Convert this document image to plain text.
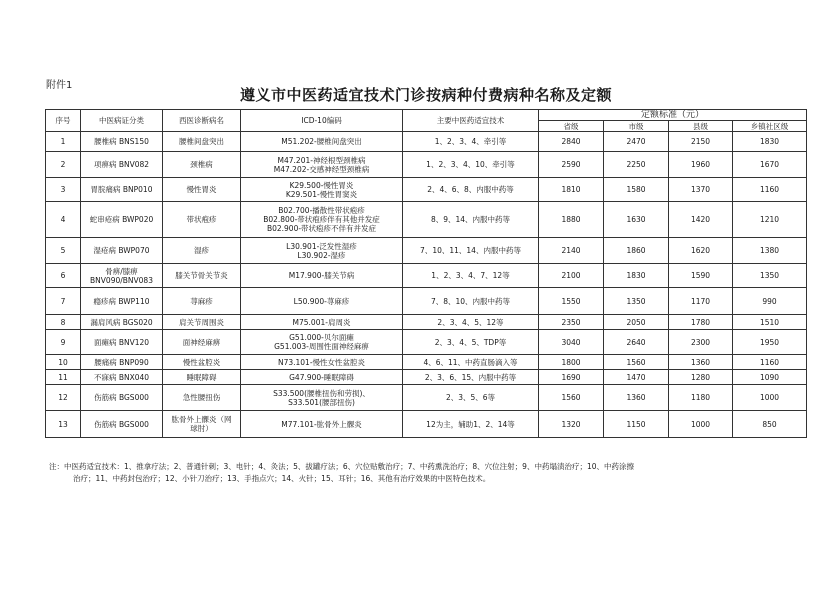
附件1
遵义市中医药适宜技术门诊按病种付费病种名称及定额
序号	中医病证分类	西医诊断病名	ICD-10编码	主要中医药适宜技术	定额标准（元）			
					省级	市级	县级	乡镇社区级
1	腰椎病 BNS150	腰椎间盘突出	M51.202-腰椎间盘突出	1、2、3、4、牵引等	2840	2470	2150	1830
2	项痹病 BNV082	颈椎病	M47.201-神经根型颈椎病
M47.202-交感神经型颈椎病	1、2、3、4、10、牵引等	2590	2250	1960	1670
3	胃脘痛病 BNP010	慢性胃炎	K29.500-慢性胃炎
K29.501-慢性胃窦炎	2、4、6、8、内服中药等	1810	1580	1370	1160
4	蛇串疮病 BWP020	带状疱疹	B02.700-播散性带状疱疹
B02.800-带状疱疹伴有其他并发症
B02.900-带状疱疹不伴有并发症	8、9、14、内服中药等	1880	1630	1420	1210
5	湿疮病 BWP070	湿疹	L30.901-泛发性湿疹
L30.902-湿疹	7、10、11、14、内服中药等	2140	1860	1620	1380
6	骨痹/膝痹
BNV090/BNV083	膝关节骨关节炎	M17.900-膝关节病	1、2、3、4、7、12等	2100	1830	1590	1350
7	瘾疹病 BWP110	荨麻疹	L50.900-荨麻疹	7、8、10、内服中药等	1550	1350	1170	990
8	漏肩风病 BGS020	肩关节周围炎	M75.001-肩周炎	2、3、4、5、12等	2350	2050	1780	1510
9	面瘫病 BNV120	面神经麻痹	G51.000-贝尔面瘫
G51.003-周围性面神经麻痹	2、3、4、5、TDP等	3040	2640	2300	1950
10	腰痛病 BNP090	慢性盆腔炎	N73.101-慢性女性盆腔炎	4、6、11、中药直肠滴入等	1800	1560	1360	1160
11	不寐病 BNX040	睡眠障碍	G47.900-睡眠障碍	2、3、6、15、内服中药等	1690	1470	1280	1090
12	伤筋病 BGS000	急性腰扭伤	S33.500(腰椎扭伤和劳损)、
S33.501(腰部扭伤)	2、3、5、6等	1560	1360	1180	1000
13	伤筋病 BGS000	肱骨外上髁炎（网
球肘）	M77.101-肱骨外上髁炎	12为主，辅助1、2、14等	1320	1150	1000	850
注：中医药适宜技术：1、推拿疗法；2、普通针刺；3、电针；4、灸法；5、拔罐疗法；6、穴位贴敷治疗；7、中药熏洗治疗；8、穴位注射；9、中药塌渍治疗；10、中药涂擦
治疗；11、中药封包治疗；12、小针刀治疗；13、手指点穴；14、火针；15、耳针；16、其他有治疗效果的中医特色技术。
